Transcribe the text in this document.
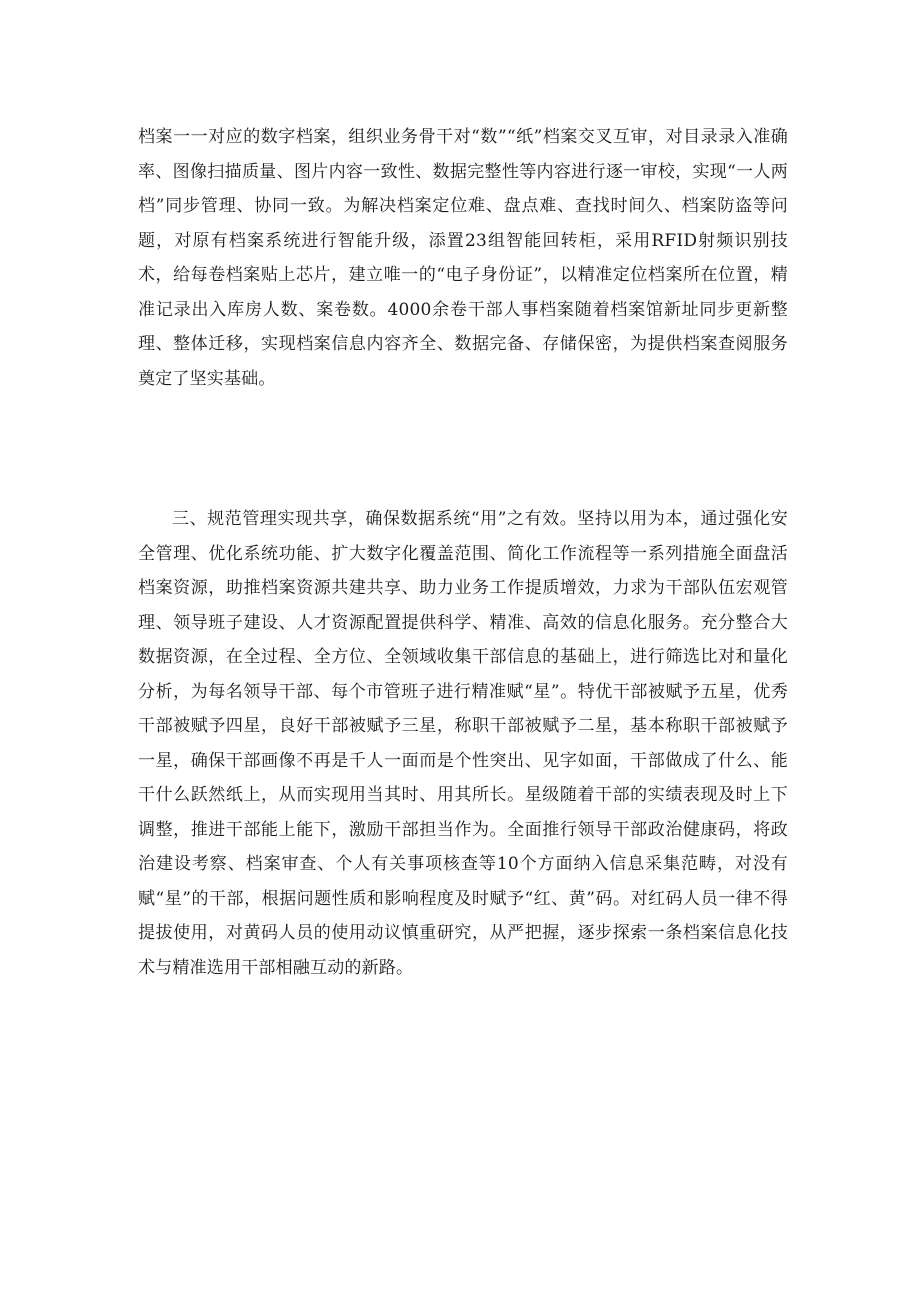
档案一一对应的数字档案，组织业务骨干对“数”“纸”档案交叉互审，对目录录入准确率、图像扫描质量、图片内容一致性、数据完整性等内容进行逐一审校，实现“一人两档”同步管理、协同一致。为解决档案定位难、盘点难、查找时间久、档案防盗等问题，对原有档案系统进行智能升级，添置23组智能回转柜，采用RFID射频识别技术，给每卷档案贴上芯片，建立唯一的“电子身份证”，以精准定位档案所在位置，精准记录出入库房人数、案卷数。4000余卷干部人事档案随着档案馆新址同步更新整理、整体迁移，实现档案信息内容齐全、数据完备、存储保密，为提供档案查阅服务奠定了坚实基础。

三、规范管理实现共享，确保数据系统“用”之有效。坚持以用为本，通过强化安全管理、优化系统功能、扩大数字化覆盖范围、简化工作流程等一系列措施全面盘活档案资源，助推档案资源共建共享、助力业务工作提质增效，力求为干部队伍宏观管理、领导班子建设、人才资源配置提供科学、精准、高效的信息化服务。充分整合大数据资源，在全过程、全方位、全领域收集干部信息的基础上，进行筛选比对和量化分析，为每名领导干部、每个市管班子进行精准赋“星”。特优干部被赋予五星，优秀干部被赋予四星，良好干部被赋予三星，称职干部被赋予二星，基本称职干部被赋予一星，确保干部画像不再是千人一面而是个性突出、见字如面，干部做成了什么、能干什么跃然纸上，从而实现用当其时、用其所长。星级随着干部的实绩表现及时上下调整，推进干部能上能下，激励干部担当作为。全面推行领导干部政治健康码，将政治建设考察、档案审查、个人有关事项核查等10个方面纳入信息采集范畴，对没有赋“星”的干部，根据问题性质和影响程度及时赋予“红、黄”码。对红码人员一律不得提拔使用，对黄码人员的使用动议慎重研究，从严把握，逐步探索一条档案信息化技术与精准选用干部相融互动的新路。
